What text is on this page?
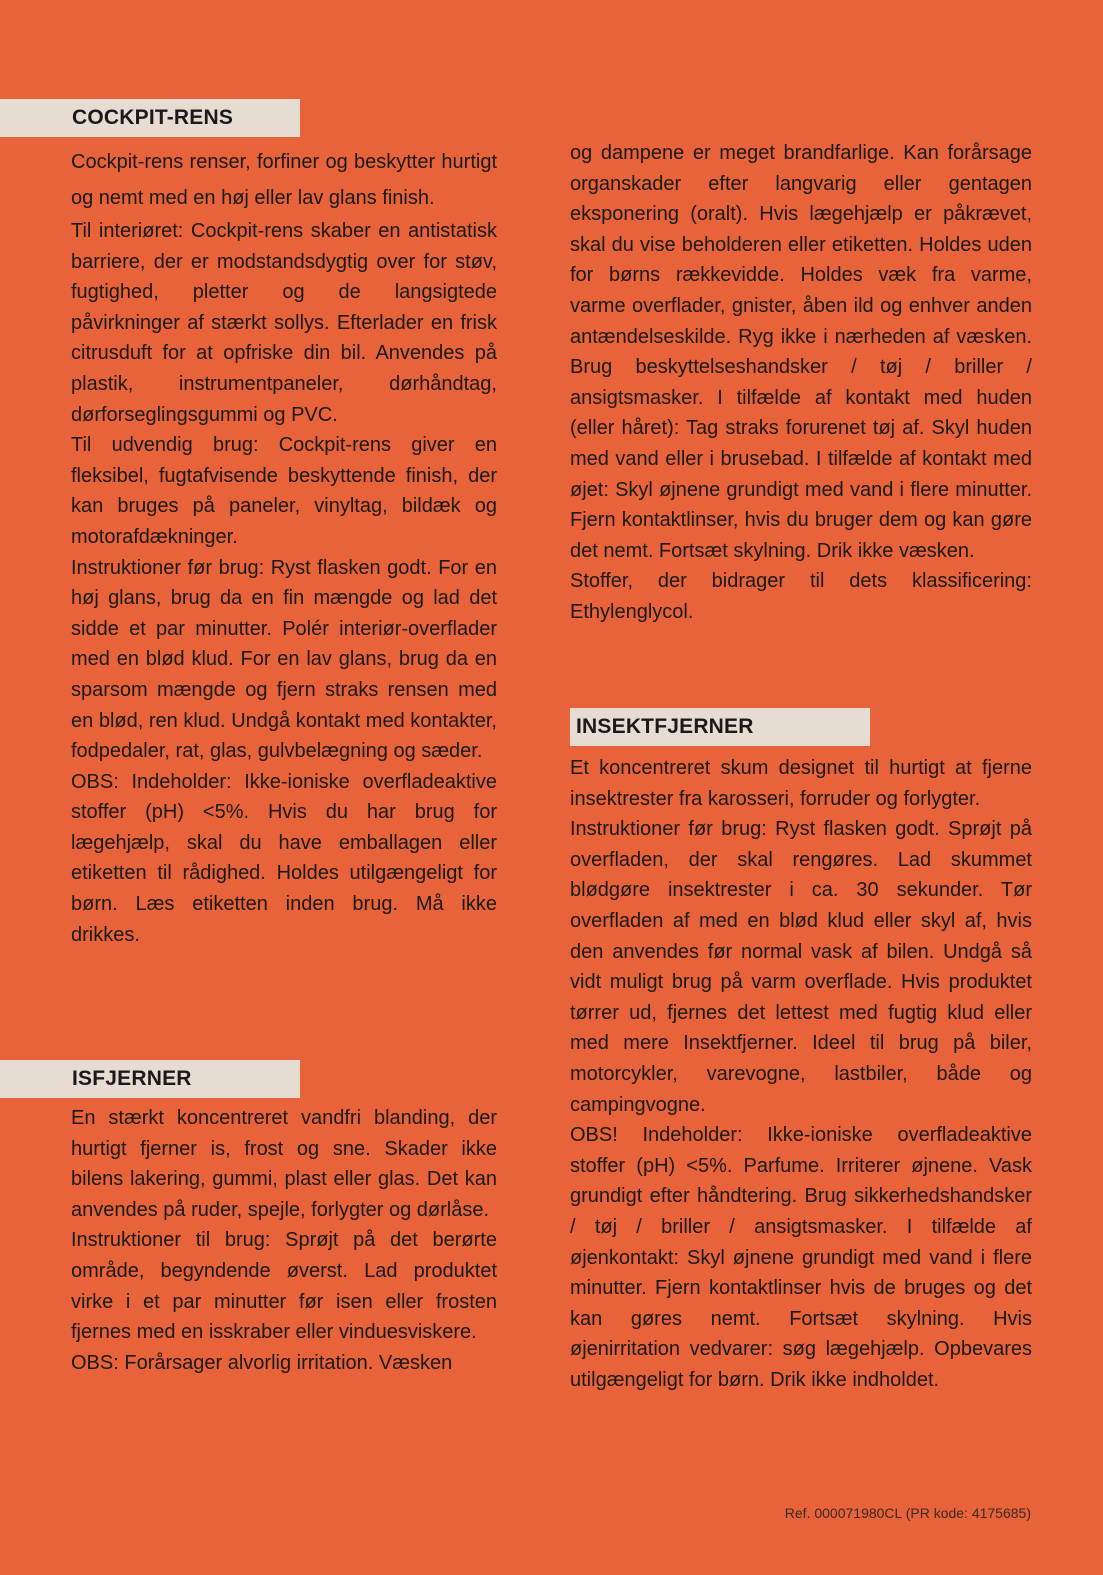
COCKPIT-RENS

Cockpit-rens renser, forfiner og beskytter hurtigt og nemt med en høj eller lav glans finish.

Til interiøret: Cockpit-rens skaber en antistatisk barriere, der er modstandsdygtig over for støv, fugtighed, pletter og de langsigtede påvirkninger af stærkt sollys. Efterlader en frisk citrusduft for at opfriske din bil. Anvendes på plastik, instrumentpaneler, dørhåndtag, dørforseglingsgummi og PVC.

Til udvendig brug: Cockpit-rens giver en fleksibel, fugtafvisende beskyttende finish, der kan bruges på paneler, vinyltag, bildæk og motorafdækninger.

Instruktioner før brug: Ryst flasken godt. For en høj glans, brug da en fin mængde og lad det sidde et par minutter. Polér interiør-overflader med en blød klud. For en lav glans, brug da en sparsom mængde og fjern straks rensen med en blød, ren klud. Undgå kontakt med kontakter, fodpedaler, rat, glas, gulvbelægning og sæder.

OBS: Indeholder: Ikke-ioniske overfladeaktive stoffer (pH) <5%. Hvis du har brug for lægehjælp, skal du have emballagen eller etiketten til rådighed. Holdes utilgængeligt for børn. Læs etiketten inden brug. Må ikke drikkes.

ISFJERNER

En stærkt koncentreret vandfri blanding, der hurtigt fjerner is, frost og sne. Skader ikke bilens lakering, gummi, plast eller glas. Det kan anvendes på ruder, spejle, forlygter og dørlåse.

Instruktioner til brug: Sprøjt på det berørte område, begyndende øverst. Lad produktet virke i et par minutter før isen eller frosten fjernes med en isskraber eller vinduesviskere.

OBS: Forårsager alvorlig irritation. Væsken

og dampene er meget brandfarlige. Kan forårsage organskader efter langvarig eller gentagen eksponering (oralt). Hvis lægehjælp er påkrævet, skal du vise beholderen eller etiketten. Holdes uden for børns rækkevidde. Holdes væk fra varme, varme overflader, gnister, åben ild og enhver anden antændelseskilde. Ryg ikke i nærheden af væsken. Brug beskyttelseshandsker / tøj / briller / ansigtsmasker. I tilfælde af kontakt med huden (eller håret): Tag straks forurenet tøj af. Skyl huden med vand eller i brusebad. I tilfælde af kontakt med øjet: Skyl øjnene grundigt med vand i flere minutter. Fjern kontaktlinser, hvis du bruger dem og kan gøre det nemt. Fortsæt skylning. Drik ikke væsken.

Stoffer, der bidrager til dets klassificering: Ethylenglycol.

INSEKTFJERNER

Et koncentreret skum designet til hurtigt at fjerne insektrester fra karosseri, forruder og forlygter.

Instruktioner før brug: Ryst flasken godt. Sprøjt på overfladen, der skal rengøres. Lad skummet blødgøre insektrester i ca. 30 sekunder. Tør overfladen af med en blød klud eller skyl af, hvis den anvendes før normal vask af bilen. Undgå så vidt muligt brug på varm overflade. Hvis produktet tørrer ud, fjernes det lettest med fugtig klud eller med mere Insektfjerner. Ideel til brug på biler, motorcykler, varevogne, lastbiler, både og campingvogne.

OBS! Indeholder: Ikke-ioniske overfladeaktive stoffer (pH) <5%. Parfume. Irriterer øjnene. Vask grundigt efter håndtering. Brug sikkerhedshandsker / tøj / briller / ansigtsmasker. I tilfælde af øjenkontakt: Skyl øjnene grundigt med vand i flere minutter. Fjern kontaktlinser hvis de bruges og det kan gøres nemt. Fortsæt skylning. Hvis øjenirritation vedvarer: søg lægehjælp. Opbevares utilgængeligt for børn. Drik ikke indholdet.

Ref. 000071980CL (PR kode: 4175685)
